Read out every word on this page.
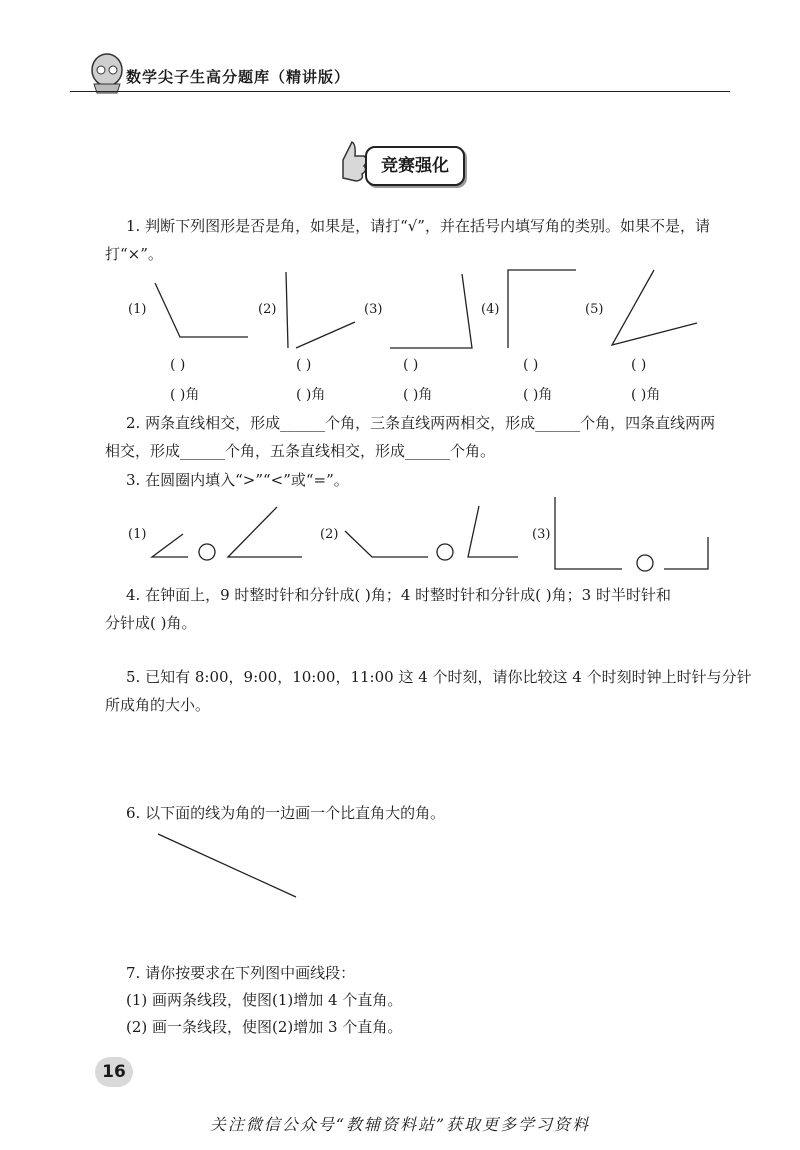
数学尖子生高分题库（精讲版）
竞赛强化
1. 判断下列图形是否是角，如果是，请打“√”，并在括号内填写角的类别。如果不是，请
打“×”。
(1)	(2)	(3)	(4)	(5)
( )	( )	( )	( )	( )
( )角	( )角	( )角	( )角	( )角
2. 两条直线相交，形成______个角，三条直线两两相交，形成______个角，四条直线两两
相交，形成______个角，五条直线相交，形成______个角。
3. 在圆圈内填入“>”“<”或“=”。
(1)	(2)	(3)
4. 在钟面上，9 时整时针和分针成( )角；4 时整时针和分针成( )角；3 时半时针和
分针成( )角。
5. 已知有 8:00，9:00，10:00，11:00 这 4 个时刻，请你比较这 4 个时刻时钟上时针与分针
所成角的大小。
6. 以下面的线为角的一边画一个比直角大的角。
7. 请你按要求在下列图中画线段：
(1) 画两条线段，使图(1)增加 4 个直角。
(2) 画一条线段，使图(2)增加 3 个直角。
16
关注微信公众号“教辅资料站”获取更多学习资料
